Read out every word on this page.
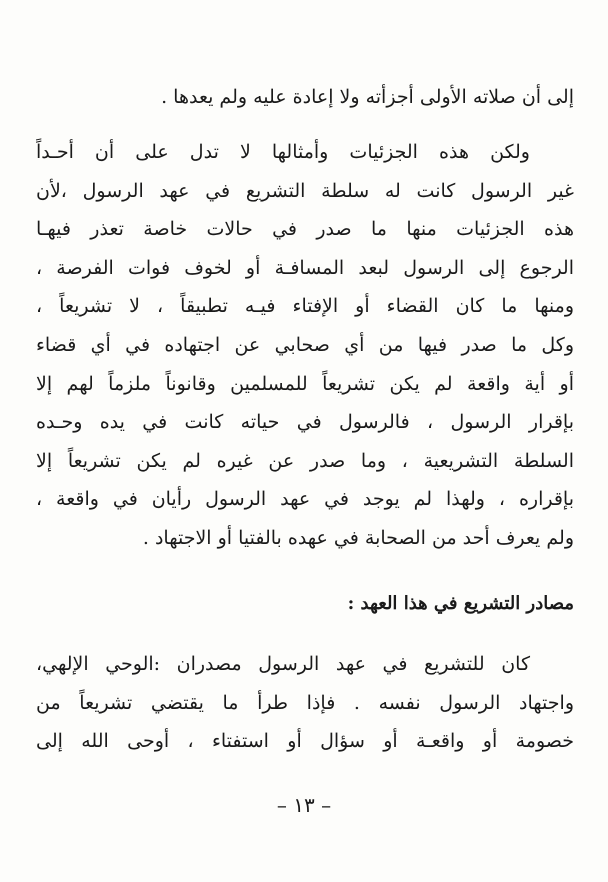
إلى أن صلاته الأولى أجزأته ولا إعادة عليه ولم يعدها .
ولكن هذه الجزئيات وأمثالها لا تدل على أن أحـداً
غير الرسول كانت له سلطة التشريع في عهد الرسول ،لأن
هذه الجزئيات منها ما صدر في حالات خاصة تعذر فيهـا
الرجوع إلى الرسول لبعد المسافـة أو لخوف فوات الفرصة ،
ومنها ما كان القضاء أو الإفتاء فيـه تطبيقاً ، لا تشريعاً ،
وكل ما صدر فيها من أي صحابي عن اجتهاده في أي قضاء
أو أية واقعة لم يكن تشريعاً للمسلمين وقانوناً ملزماً لهم إلا
بإقرار الرسول ، فالرسول في حياته كانت في يده وحـده
السلطة التشريعية ، وما صدر عن غيره لم يكن تشريعاً إلا
بإقراره ، ولهذا لم يوجد في عهد الرسول رأيان في واقعة ،
ولم يعرف أحد من الصحابة في عهده بالفتيا أو الاجتهاد .
مصادر التشريع في هذا العهد :
كان للتشريع في عهد الرسول مصدران :الوحي الإلهي،
واجتهاد الرسول نفسه . فإذا طرأ ما يقتضي تشريعاً من
خصومة أو واقعـة أو سؤال أو استفتاء ، أوحى الله إلى
– ١٣ –
